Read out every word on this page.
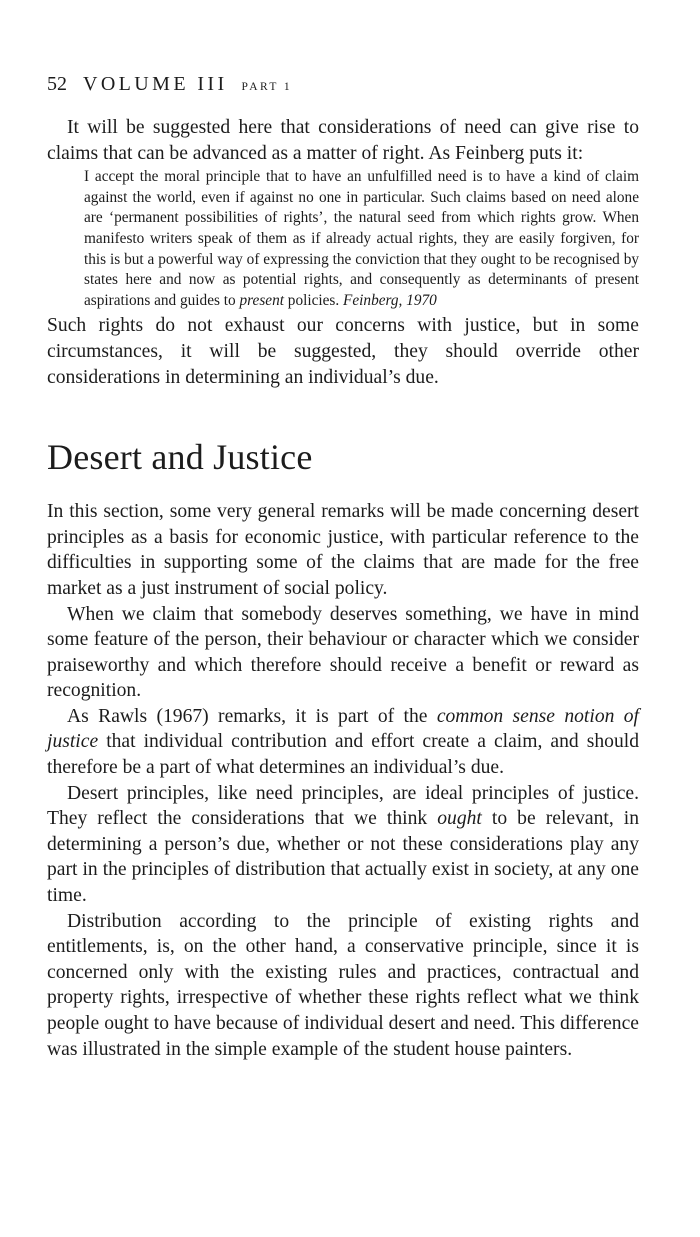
52 VOLUME III PART 1

It will be suggested here that considerations of need can give rise to claims that can be advanced as a matter of right. As Feinberg puts it:

I accept the moral principle that to have an unfulfilled need is to have a kind of claim against the world, even if against no one in particular. Such claims based on need alone are ‘permanent possibilities of rights’, the natural seed from which rights grow. When manifesto writers speak of them as if already actual rights, they are easily forgiven, for this is but a powerful way of expressing the conviction that they ought to be recognised by states here and now as potential rights, and consequently as determinants of present aspirations and guides to present policies. Feinberg, 1970

Such rights do not exhaust our concerns with justice, but in some circumstances, it will be suggested, they should override other considerations in determining an individual’s due.

Desert and Justice

In this section, some very general remarks will be made concerning desert principles as a basis for economic justice, with particular reference to the difficulties in supporting some of the claims that are made for the free market as a just instrument of social policy.

When we claim that somebody deserves something, we have in mind some feature of the person, their behaviour or character which we consider praiseworthy and which therefore should receive a benefit or reward as recognition.

As Rawls (1967) remarks, it is part of the common sense notion of justice that individual contribution and effort create a claim, and should therefore be a part of what determines an individual’s due.

Desert principles, like need principles, are ideal principles of justice. They reflect the considerations that we think ought to be relevant, in determining a person’s due, whether or not these considerations play any part in the principles of distribution that actually exist in society, at any one time.

Distribution according to the principle of existing rights and entitlements, is, on the other hand, a conservative principle, since it is concerned only with the existing rules and practices, contractual and property rights, irrespective of whether these rights reflect what we think people ought to have because of individual desert and need. This difference was illustrated in the simple example of the student house painters.
